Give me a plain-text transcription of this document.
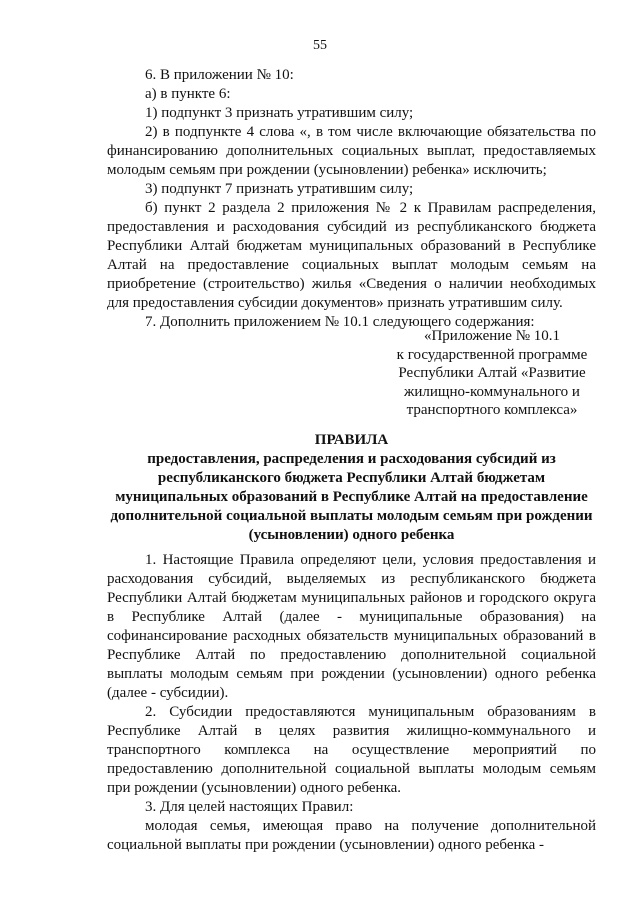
55

6. В приложении № 10:

а) в пункте 6:

1) подпункт 3 признать утратившим силу;

2) в подпункте 4 слова «, в том числе включающие обязательства по финансированию дополнительных социальных выплат, предоставляемых молодым семьям при рождении (усыновлении) ребенка» исключить;

3) подпункт 7 признать утратившим силу;

б) пункт 2 раздела 2 приложения № 2 к Правилам распределения, предоставления и расходования субсидий из республиканского бюджета Республики Алтай бюджетам муниципальных образований в Республике Алтай на предоставление социальных выплат молодым семьям на приобретение (строительство) жилья «Сведения о наличии необходимых для предоставления субсидии документов» признать утратившим силу.

7. Дополнить приложением № 10.1 следующего содержания:

«Приложение № 10.1
к государственной программе
Республики Алтай «Развитие
жилищно-коммунального и
транспортного комплекса»
ПРАВИЛА
предоставления, распределения и расходования субсидий из
республиканского бюджета Республики Алтай бюджетам
муниципальных образований в Республике Алтай на предоставление
дополнительной социальной выплаты молодым семьям при рождении
(усыновлении) одного ребенка

1. Настоящие Правила определяют цели, условия предоставления и расходования субсидий, выделяемых из республиканского бюджета Республики Алтай бюджетам муниципальных районов и городского округа в Республике Алтай (далее - муниципальные образования) на софинансирование расходных обязательств муниципальных образований в Республике Алтай по предоставлению дополнительной социальной выплаты молодым семьям при рождении (усыновлении) одного ребенка (далее - субсидии).

2. Субсидии предоставляются муниципальным образованиям в Республике Алтай в целях развития жилищно-коммунального и транспортного комплекса на осуществление мероприятий по предоставлению дополнительной социальной выплаты молодым семьям при рождении (усыновлении) одного ребенка.

3. Для целей настоящих Правил:

молодая семья, имеющая право на получение дополнительной социальной выплаты при рождении (усыновлении) одного ребенка -
